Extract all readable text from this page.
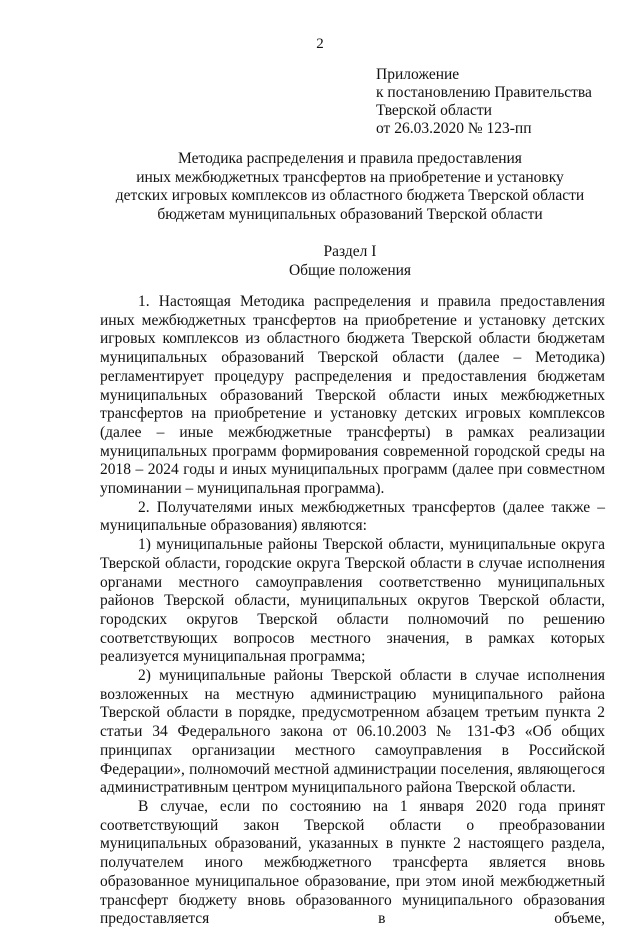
2
Приложение
к постановлению Правительства
Тверской области
от 26.03.2020 № 123-пп
Методика распределения и правила предоставления
иных межбюджетных трансфертов на приобретение и установку
детских игровых комплексов из областного бюджета Тверской области
бюджетам муниципальных образований Тверской области
Раздел I
Общие положения

1. Настоящая Методика распределения и правила предоставления иных межбюджетных трансфертов на приобретение и установку детских игровых комплексов из областного бюджета Тверской области бюджетам муниципальных образований Тверской области (далее – Методика) регламентирует процедуру распределения и предоставления бюджетам муниципальных образований Тверской области иных межбюджетных трансфертов на приобретение и установку детских игровых комплексов (далее – иные межбюджетные трансферты) в рамках реализации муниципальных программ формирования современной городской среды на 2018 – 2024 годы и иных муниципальных программ (далее при совместном упоминании – муниципальная программа).

2. Получателями иных межбюджетных трансфертов (далее также – муниципальные образования) являются:

1) муниципальные районы Тверской области, муниципальные округа Тверской области, городские округа Тверской области в случае исполнения органами местного самоуправления соответственно муниципальных районов Тверской области, муниципальных округов Тверской области, городских округов Тверской области полномочий по решению соответствующих вопросов местного значения, в рамках которых реализуется муниципальная программа;

2) муниципальные районы Тверской области в случае исполнения возложенных на местную администрацию муниципального района Тверской области в порядке, предусмотренном абзацем третьим пункта 2 статьи 34 Федерального закона от 06.10.2003 № 131-ФЗ «Об общих принципах организации местного самоуправления в Российской Федерации», полномочий местной администрации поселения, являющегося административным центром муниципального района Тверской области.

В случае, если по состоянию на 1 января 2020 года принят соответствующий закон Тверской области о преобразовании муниципальных образований, указанных в пункте 2 настоящего раздела, получателем иного межбюджетного трансферта является вновь образованное муниципальное образование, при этом иной межбюджетный трансферт бюджету вновь образованного муниципального образования предоставляется в объеме,
